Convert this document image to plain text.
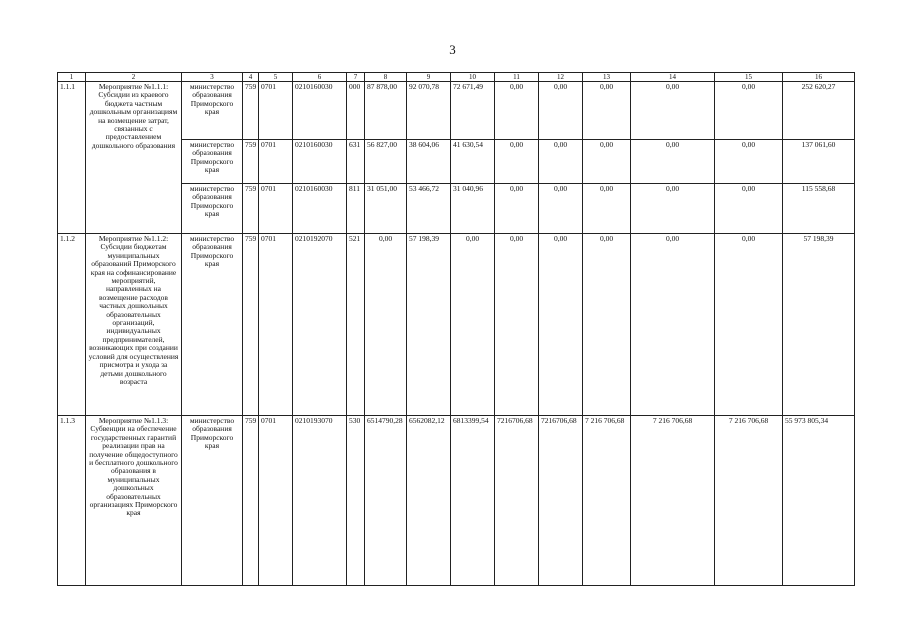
3
1	2	3	4	5	6	7	8	9	10	11	12	13	14	15	16
1.1.1	Мероприятие №1.1.1: Субсидии из краевого бюджета частным дошкольным организациям на возмещение затрат, связанных с предоставлением дошкольного образования	министерство образования Приморского края	759	0701	0210160030	000	87 878,00	92 070,78	72 671,49	0,00	0,00	0,00	0,00	0,00	252 620,27
		министерство образования Приморского края	759	0701	0210160030	631	56 827,00	38 604,06	41 630,54	0,00	0,00	0,00	0,00	0,00	137 061,60
		министерство образования Приморского края	759	0701	0210160030	811	31 051,00	53 466,72	31 040,96	0,00	0,00	0,00	0,00	0,00	115 558,68
1.1.2	Мероприятие №1.1.2: Субсидии бюджетам муниципальных образований Приморского края на софинансирование мероприятий, направленных на возмещение расходов частных дошкольных образовательных организаций, индивидуальных предпринимателей, возникающих при создании условий для осуществления присмотра и ухода за детьми дошкольного возраста	министерство образования Приморского края	759	0701	0210192070	521	0,00	57 198,39	0,00	0,00	0,00	0,00	0,00	0,00	57 198,39
1.1.3	Мероприятие №1.1.3: Субвенции на обеспечение государственных гарантий реализации прав на получение общедоступного и бесплатного дошкольного образования в муниципальных дошкольных образовательных организациях Приморского края	министерство образования Приморского края	759	0701	0210193070	530	6514790,28	6562082,12	6813399,54	7216706,68	7216706,68	7 216 706,68	7 216 706,68	7 216 706,68	55 973 805,34
